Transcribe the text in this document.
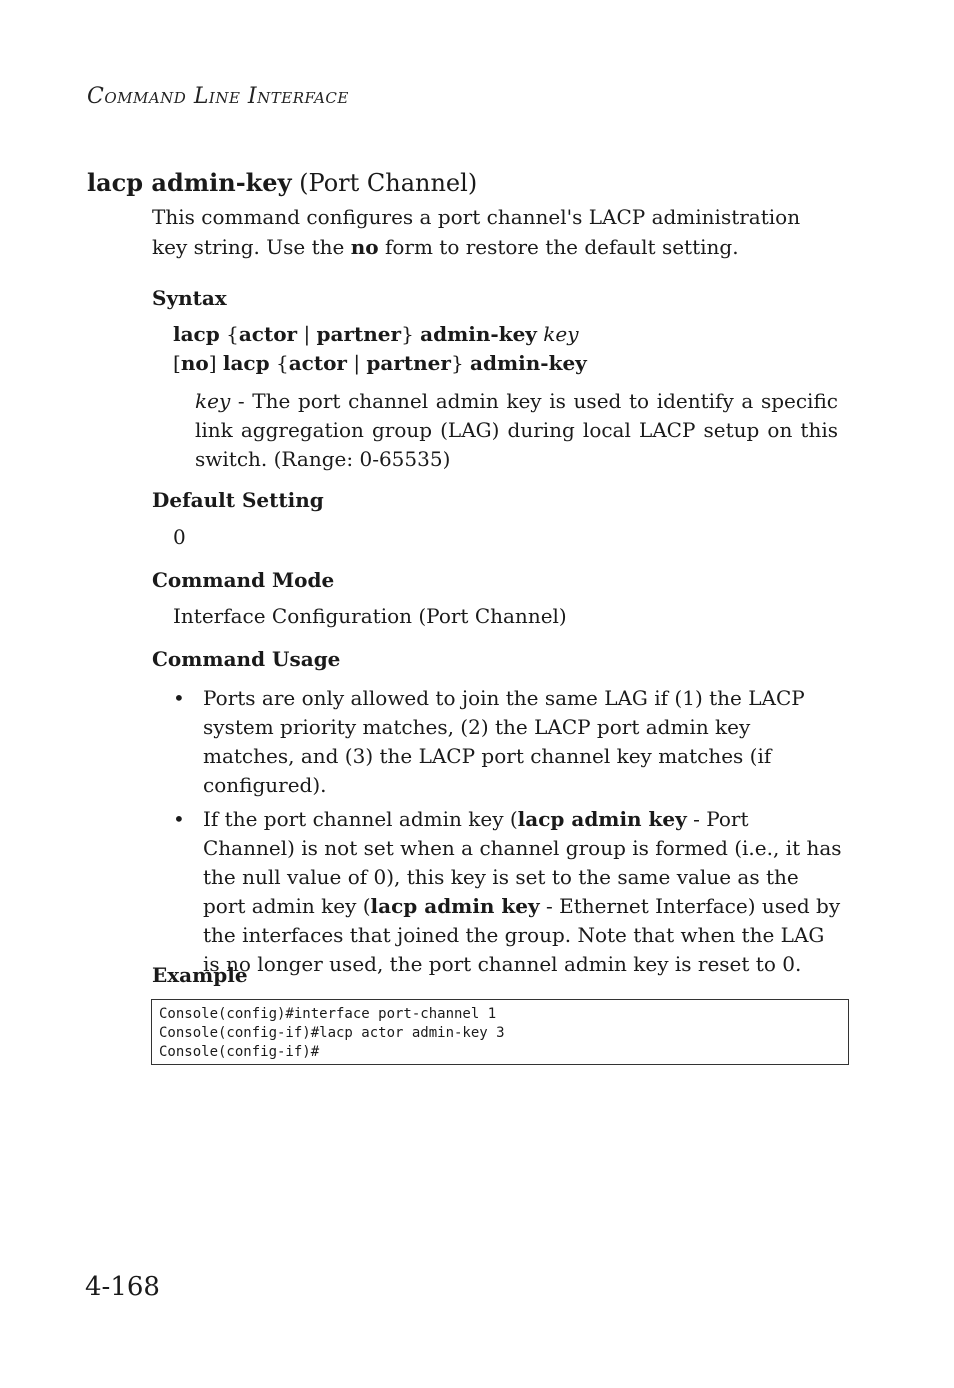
Command Line Interface
lacp admin-key (Port Channel)
This command configures a port channel's LACP administration key string. Use the no form to restore the default setting.
Syntax
lacp {actor | partner} admin-key key
[no] lacp {actor | partner} admin-key
key - The port channel admin key is used to identify a specific link aggregation group (LAG) during local LACP setup on this switch. (Range: 0-65535)
Default Setting
0
Command Mode
Interface Configuration (Port Channel)
Command Usage
• Ports are only allowed to join the same LAG if (1) the LACP system priority matches, (2) the LACP port admin key matches, and (3) the LACP port channel key matches (if configured).
• If the port channel admin key (lacp admin key - Port Channel) is not set when a channel group is formed (i.e., it has the null value of 0), this key is set to the same value as the port admin key (lacp admin key - Ethernet Interface) used by the interfaces that joined the group. Note that when the LAG is no longer used, the port channel admin key is reset to 0.
Example
Console(config)#interface port-channel 1
Console(config-if)#lacp actor admin-key 3
Console(config-if)#
4-168
